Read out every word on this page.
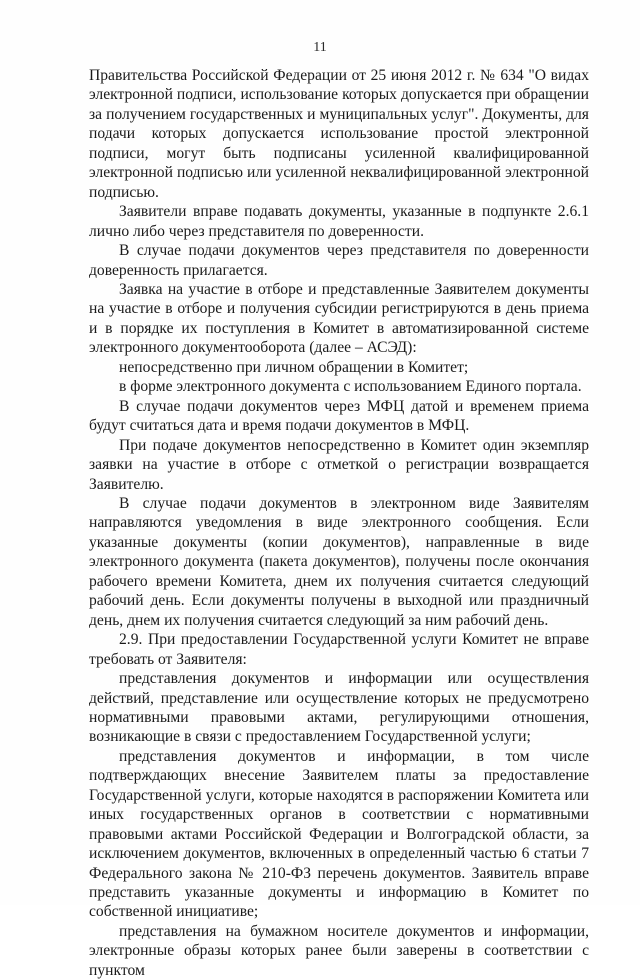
11

Правительства Российской Федерации от 25 июня 2012 г. № 634 "О видах электронной подписи, использование которых допускается при обращении за получением государственных и муниципальных услуг". Документы, для подачи которых допускается использование простой электронной подписи, могут быть подписаны усиленной квалифицированной электронной подписью или усиленной неквалифицированной электронной подписью.

Заявители вправе подавать документы, указанные в подпункте 2.6.1 лично либо через представителя по доверенности.

В случае подачи документов через представителя по доверенности доверенность прилагается.

Заявка на участие в отборе и представленные Заявителем документы на участие в отборе и получения субсидии регистрируются в день приема и в порядке их поступления в Комитет в автоматизированной системе электронного документооборота (далее – АСЭД):

непосредственно при личном обращении в Комитет;

в форме электронного документа с использованием Единого портала.

В случае подачи документов через МФЦ датой и временем приема будут считаться дата и время подачи документов в МФЦ.

При подаче документов непосредственно в Комитет один экземпляр заявки на участие в отборе с отметкой о регистрации возвращается Заявителю.

В случае подачи документов в электронном виде Заявителям направляются уведомления в виде электронного сообщения. Если указанные документы (копии документов), направленные в виде электронного документа (пакета документов), получены после окончания рабочего времени Комитета, днем их получения считается следующий рабочий день. Если документы получены в выходной или праздничный день, днем их получения считается следующий за ним рабочий день.

2.9. При предоставлении Государственной услуги Комитет не вправе требовать от Заявителя:

представления документов и информации или осуществления действий, представление или осуществление которых не предусмотрено нормативными правовыми актами, регулирующими отношения, возникающие в связи с предоставлением Государственной услуги;

представления документов и информации, в том числе подтверждающих внесение Заявителем платы за предоставление Государственной услуги, которые находятся в распоряжении Комитета или иных государственных органов в соответствии с нормативными правовыми актами Российской Федерации и Волгоградской области, за исключением документов, включенных в определенный частью 6 статьи 7 Федерального закона № 210-ФЗ перечень документов. Заявитель вправе представить указанные документы и информацию в Комитет по собственной инициативе;

представления на бумажном носителе документов и информации, электронные образы которых ранее были заверены в соответствии с пунктом
